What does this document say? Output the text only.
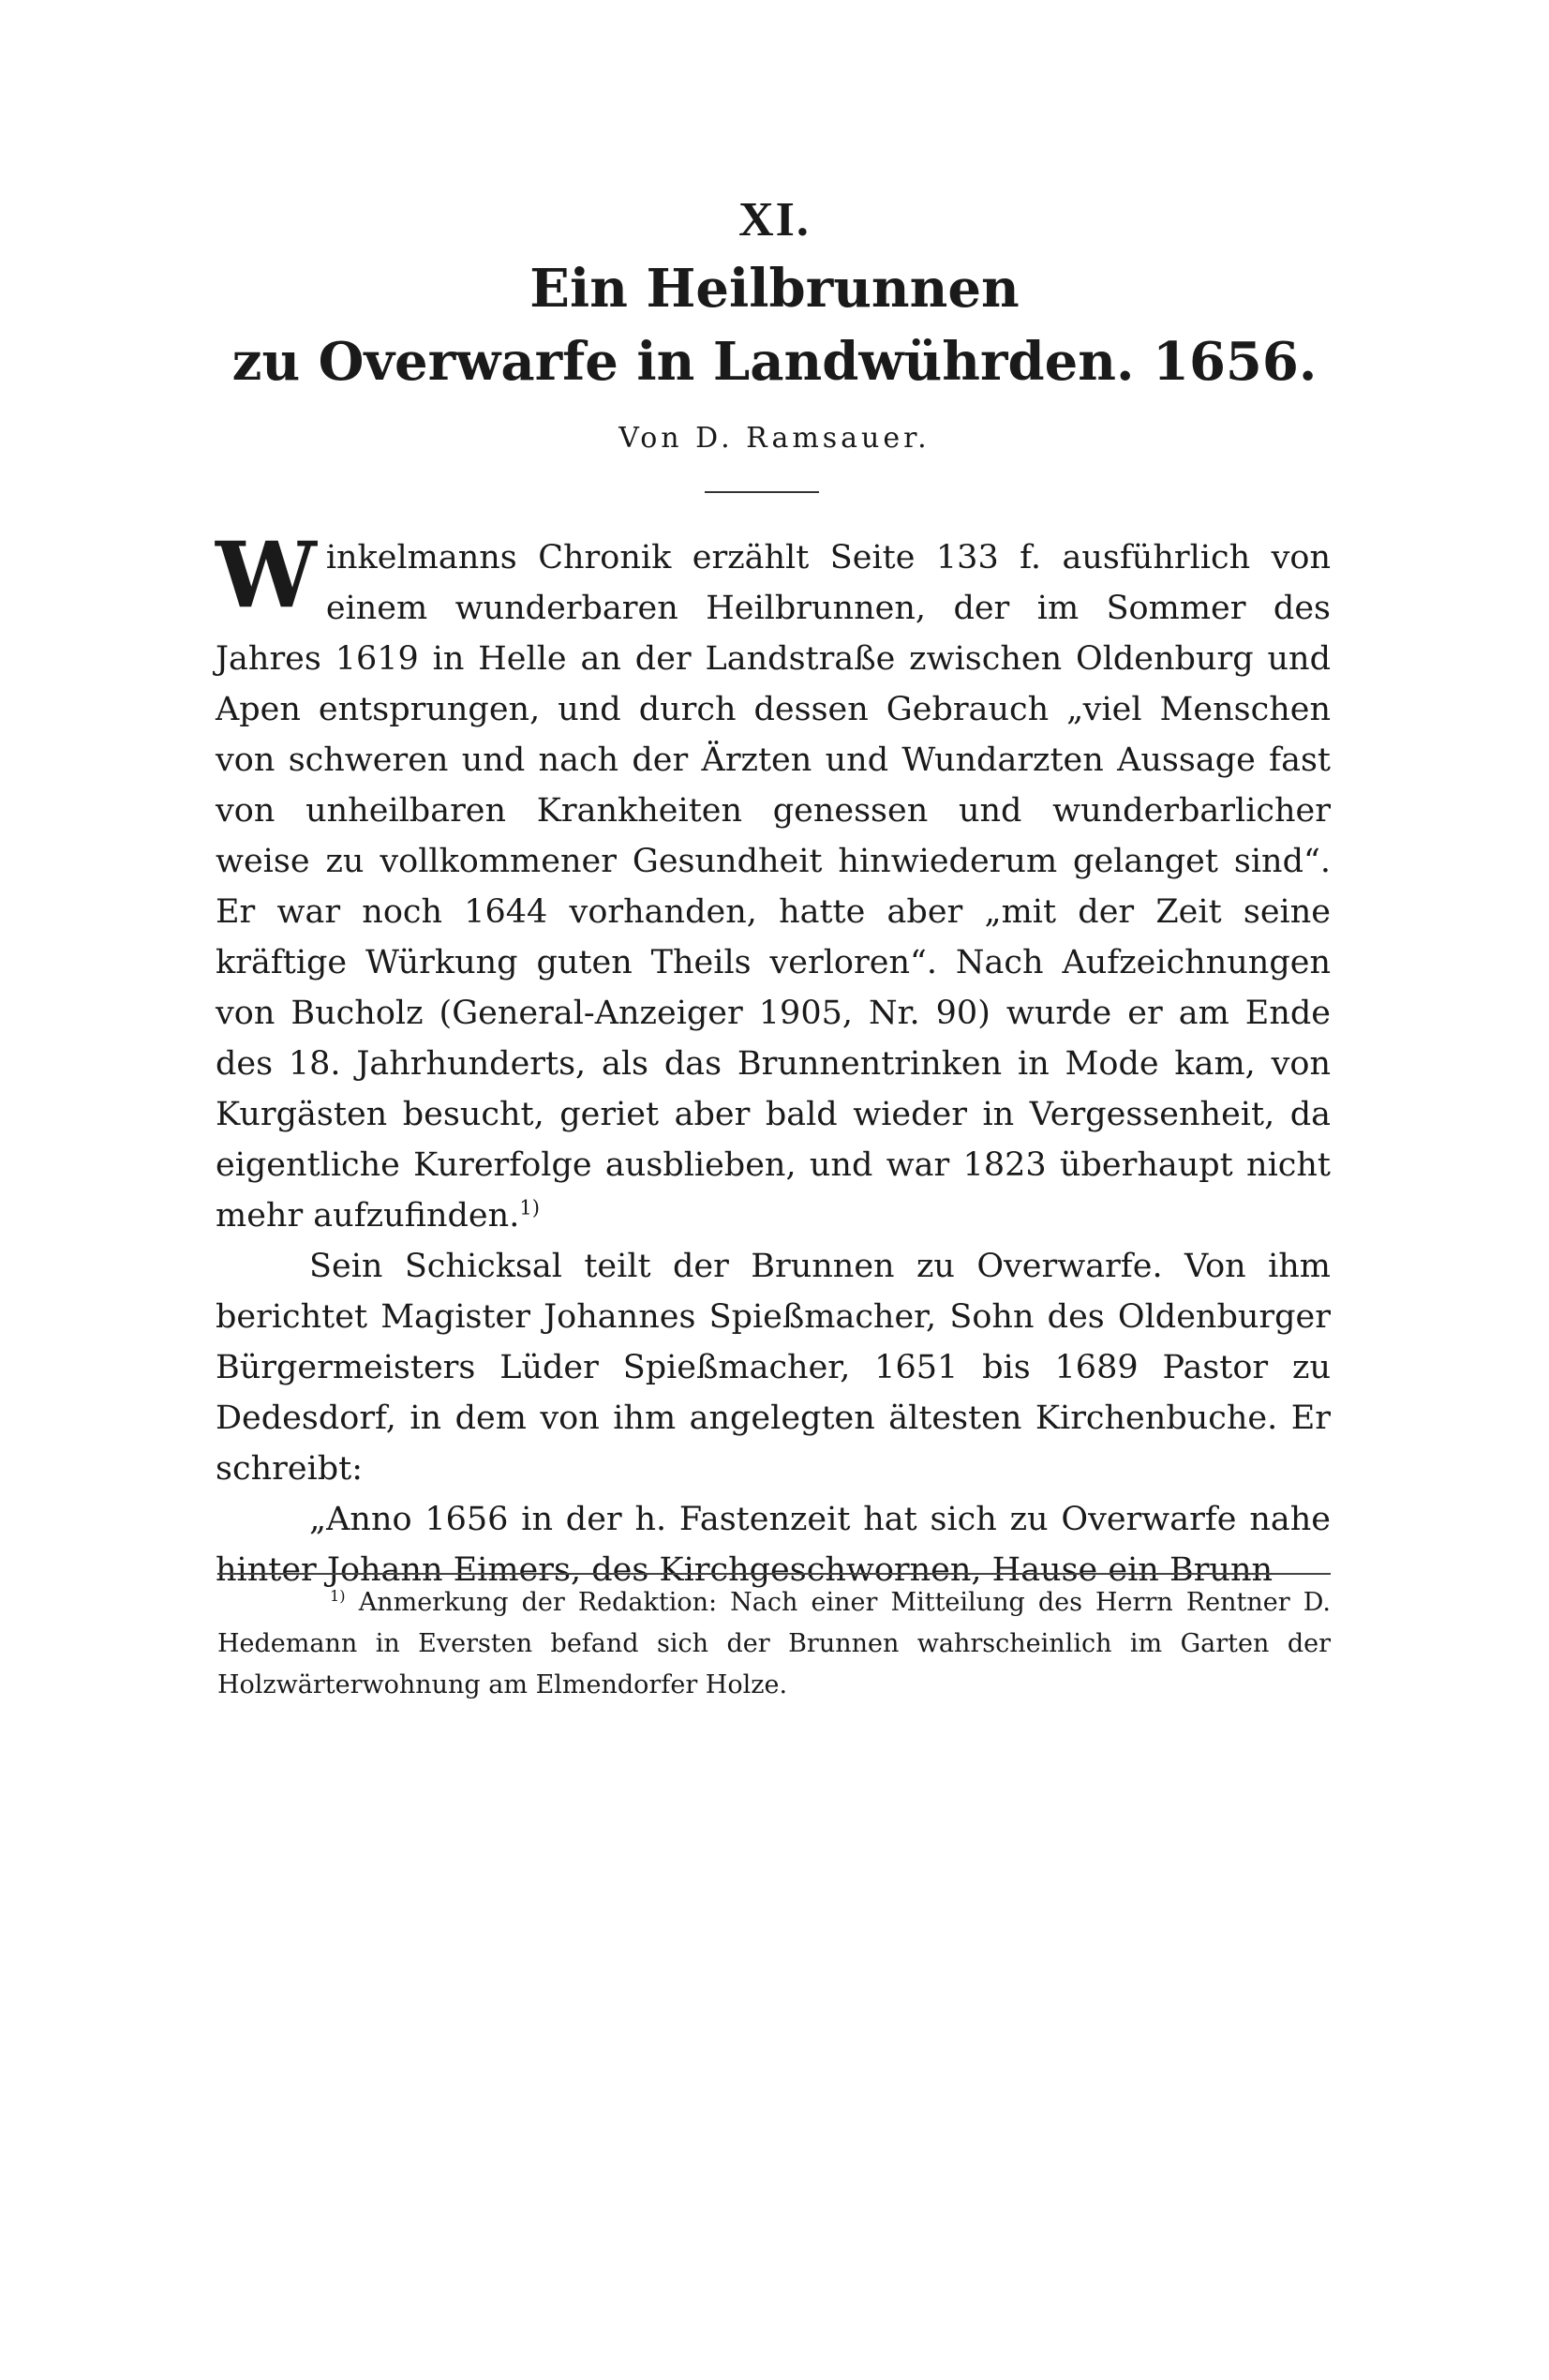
XI.
Ein Heilbrunnen
zu Overwarfe in Landwührden. 1656.
Von D. Ramsauer.

Winkelmanns Chronik erzählt Seite 133 f. ausführlich von einem wunderbaren Heilbrunnen, der im Sommer des Jahres 1619 in Helle an der Landstraße zwischen Oldenburg und Apen entsprungen, und durch dessen Gebrauch „viel Menschen von schweren und nach der Ärzten und Wundarzten Aussage fast von unheilbaren Krankheiten genessen und wunderbarlicher weise zu vollkommener Gesundheit hinwiederum gelanget sind“. Er war noch 1644 vorhanden, hatte aber „mit der Zeit seine kräftige Würkung guten Theils verloren“. Nach Aufzeichnungen von Bucholz (General-Anzeiger 1905, Nr. 90) wurde er am Ende des 18. Jahrhunderts, als das Brunnentrinken in Mode kam, von Kurgästen besucht, geriet aber bald wieder in Vergessenheit, da eigentliche Kurerfolge ausblieben, und war 1823 überhaupt nicht mehr aufzufinden.$^{1)}$

Sein Schicksal teilt der Brunnen zu Overwarfe. Von ihm berichtet Magister Johannes Spießmacher, Sohn des Oldenburger Bürgermeisters Lüder Spießmacher, 1651 bis 1689 Pastor zu Dedesdorf, in dem von ihm angelegten ältesten Kirchenbuche. Er schreibt:

„Anno 1656 in der h. Fastenzeit hat sich zu Overwarfe nahe hinter Johann Eimers, des Kirchgeschwornen, Hause ein Brunn

$^{1)}$ Anmerkung der Redaktion: Nach einer Mitteilung des Herrn Rentner D. Hedemann in Eversten befand sich der Brunnen wahrscheinlich im Garten der Holzwärterwohnung am Elmendorfer Holze.
